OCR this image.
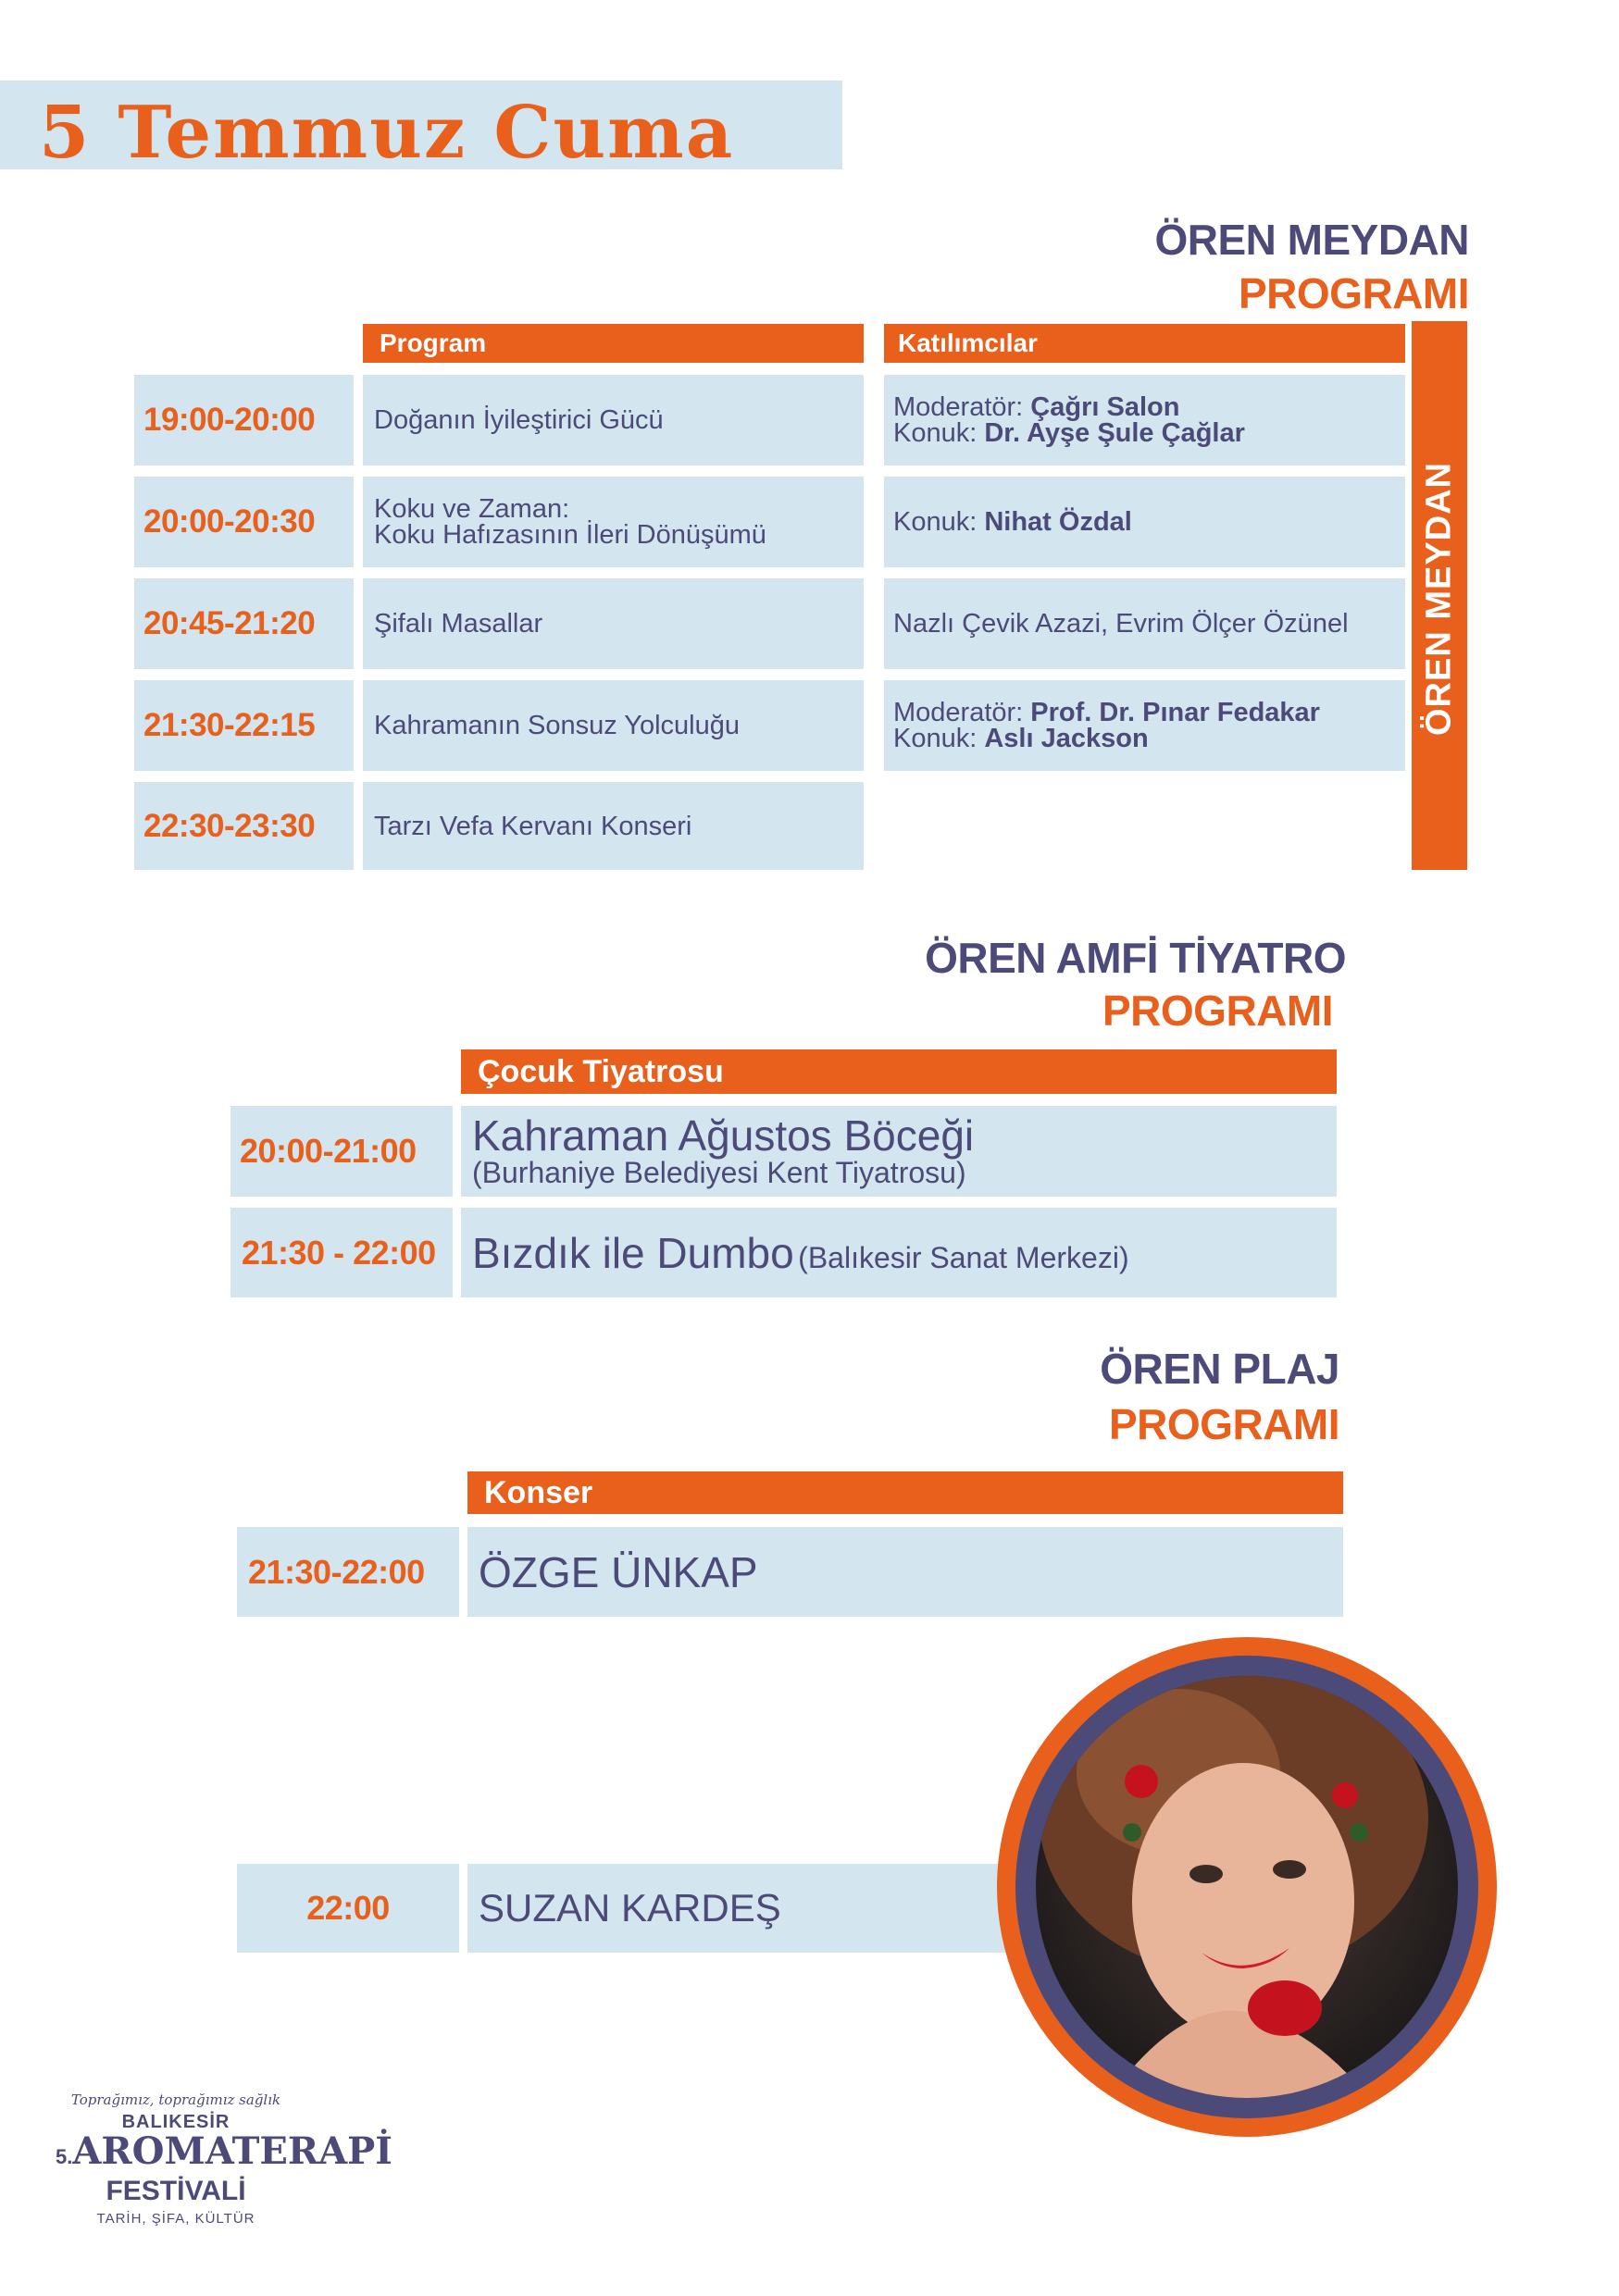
5 Temmuz Cuma
ÖREN MEYDAN
PROGRAMI
Program	Katılımcılar
ÖREN MEYDAN
19:00-20:00	Doğanın İyileştirici Gücü	Moderatör: Çağrı Salon
Konuk: Dr. Ayşe Şule Çağlar
20:00-20:30	Koku ve Zaman:
Koku Hafızasının İleri Dönüşümü	Konuk: Nihat Özdal
20:45-21:20	Şifalı Masallar	Nazlı Çevik Azazi, Evrim Ölçer Özünel
21:30-22:15	Kahramanın Sonsuz Yolculuğu	Moderatör: Prof. Dr. Pınar Fedakar
Konuk: Aslı Jackson
22:30-23:30	Tarzı Vefa Kervanı Konseri
ÖREN AMFİ TİYATRO
PROGRAMI
Çocuk Tiyatrosu
20:00-21:00 Kahraman Ağustos Böceği
(Burhaniye Belediyesi Kent Tiyatrosu)
21:30 - 22:00 Bızdık ile Dumbo (Balıkesir Sanat Merkezi)
ÖREN PLAJ
PROGRAMI
Konser
21:30-22:00 ÖZGE ÜNKAP
22:00 SUZAN KARDEŞ
Toprağımız, toprağımız sağlık
BALIKESİR
5.AROMATERAPİ
FESTİVALİ
TARİH, ŞİFA, KÜLTÜR
